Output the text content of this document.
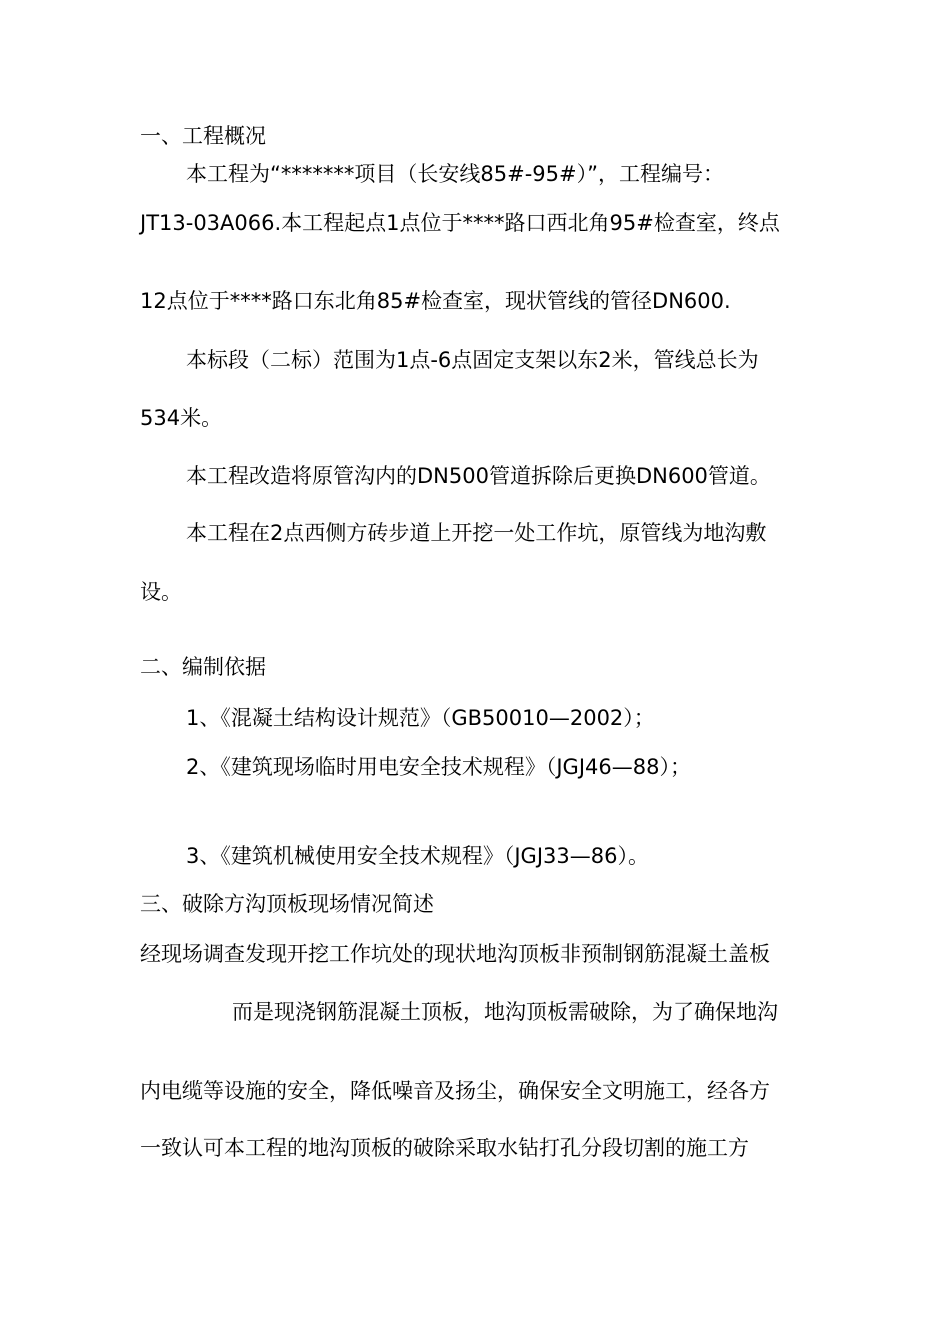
一、工程概况
本工程为“*******项目（长安线85#-95#）”，工程编号：
JT13-03A066.本工程起点1点位于****路口西北角95#检查室，终点
12点位于****路口东北角85#检查室，现状管线的管径DN600.
本标段（二标）范围为1点-6点固定支架以东2米，管线总长为
534米。
本工程改造将原管沟内的DN500管道拆除后更换DN600管道。
本工程在2点西侧方砖步道上开挖一处工作坑，原管线为地沟敷
设。
二、编制依据
1、《混凝土结构设计规范》（GB50010—2002）；
2、《建筑现场临时用电安全技术规程》（JGJ46—88）；
3、《建筑机械使用安全技术规程》（JGJ33—86）。
三、破除方沟顶板现场情况简述
经现场调查发现开挖工作坑处的现状地沟顶板非预制钢筋混凝土盖板
而是现浇钢筋混凝土顶板，地沟顶板需破除，为了确保地沟
内电缆等设施的安全，降低噪音及扬尘，确保安全文明施工，经各方
一致认可本工程的地沟顶板的破除采取水钻打孔分段切割的施工方
